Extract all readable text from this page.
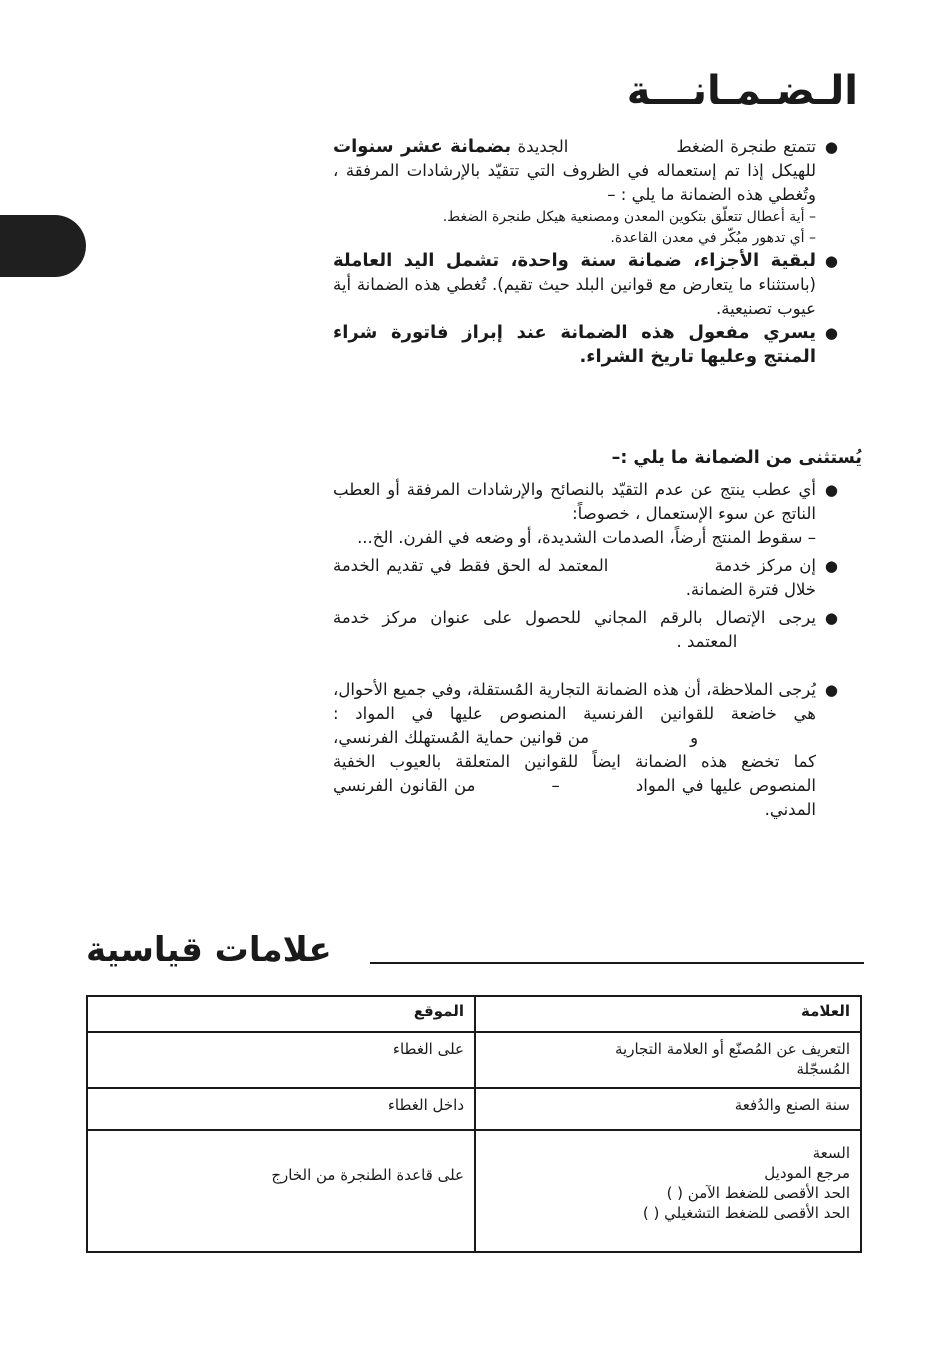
الـضـمـانـــة
●
تتمتع طنجرة الضغط                 الجديدة بضمانة عشر سنوات للهيكل إذا تم إستعماله في الظروف التي تتقيّد بالإرشادات المرفقة ، وتُغطي هذه الضمانة ما يلي : –
– أية أعطال تتعلّق بتكوين المعدن ومصنعية هيكل طنجرة الضغط.
– أي تدهور مبُكّر في معدن القاعدة.
●
لبقية الأجزاء، ضمانة سنة واحدة، تشمل اليد العاملة (باستثناء ما يتعارض مع قوانين البلد حيث تقيم). تُغطي هذه الضمانة أية عيوب تصنيعية.
●
يسري مفعول هذه الضمانة عند إبراز فاتورة شراء المنتج وعليها تاريخ الشراء.
يُستثنى من الضمانة ما يلي :–
●
أي عطب ينتج عن عدم التقيّد بالنصائح والإرشادات المرفقة أو العطب الناتج عن سوء الإستعمال ، خصوصاً:
– سقوط المنتج أرضاً، الصدمات الشديدة، أو وضعه في الفرن. الخ...
●
إن مركز خدمة                المعتمد له الحق فقط في تقديم الخدمة خلال فترة الضمانة.
●
يرجى الإتصال بالرقم المجاني للحصول على عنوان مركز خدمة                المعتمد .
●
يُرجى الملاحظة، أن هذه الضمانة التجارية المُستقلة، وفي جميع الأحوال، هي خاضعة للقوانين الفرنسية المنصوص عليها في المواد :                      و                  من قوانين حماية المُستهلك الفرنسي، كما تخضع هذه الضمانة ايضاً للقوانين المتعلقة بالعيوب الخفية المنصوص عليها في المواد            –            من القانون الفرنسي المدني.
علامات قياسية
العلامة	الموقع

التعريف عن المُصنّع أو العلامة التجارية
المُسجّلة	على الغطاء

سنة الصنع والدُفعة	داخل الغطاء

السعة
مرجع الموديل
الحد الأقصى للضغط الآمن ( )
الحد الأقصى للضغط التشغيلي ( )	على قاعدة الطنجرة من الخارج
